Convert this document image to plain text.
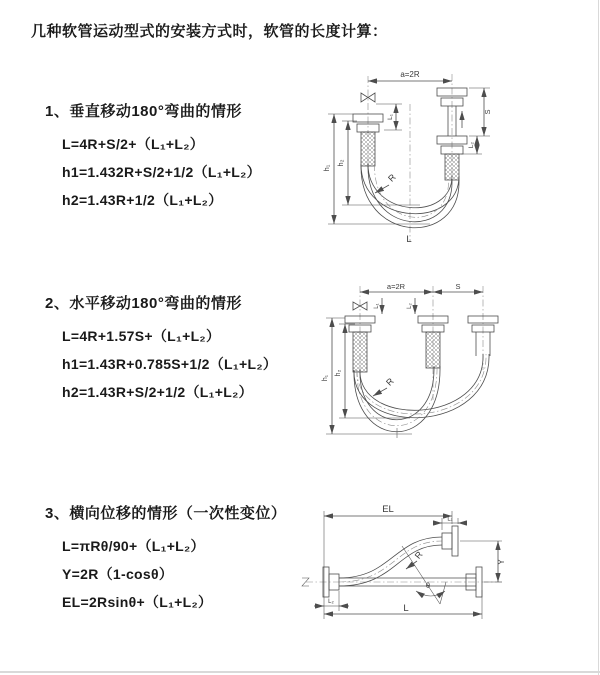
几种软管运动型式的安装方式时，软管的长度计算：
1、垂直移动180°弯曲的情形
L=4R+S/2+（L₁+L₂）
h1=1.432R+S/2+1/2（L₁+L₂）
h2=1.43R+1/2（L₁+L₂）
2、水平移动180°弯曲的情形
L=4R+1.57S+（L₁+L₂）
h1=1.43R+0.785S+1/2（L₁+L₂）
h2=1.43R+S/2+1/2（L₁+L₂）
3、横向位移的情形（一次性变位）
L=πRθ/90+（L₁+L₂）
Y=2R（1-cosθ）
EL=2Rsinθ+（L₁+L₂）
a=2R
h₁
h₂
S
L₂
L₁
R
L
a=2R	S
L₁	L₂
h₁
h₂
R
EL
L₁
Y
R
θ
L₂
L
